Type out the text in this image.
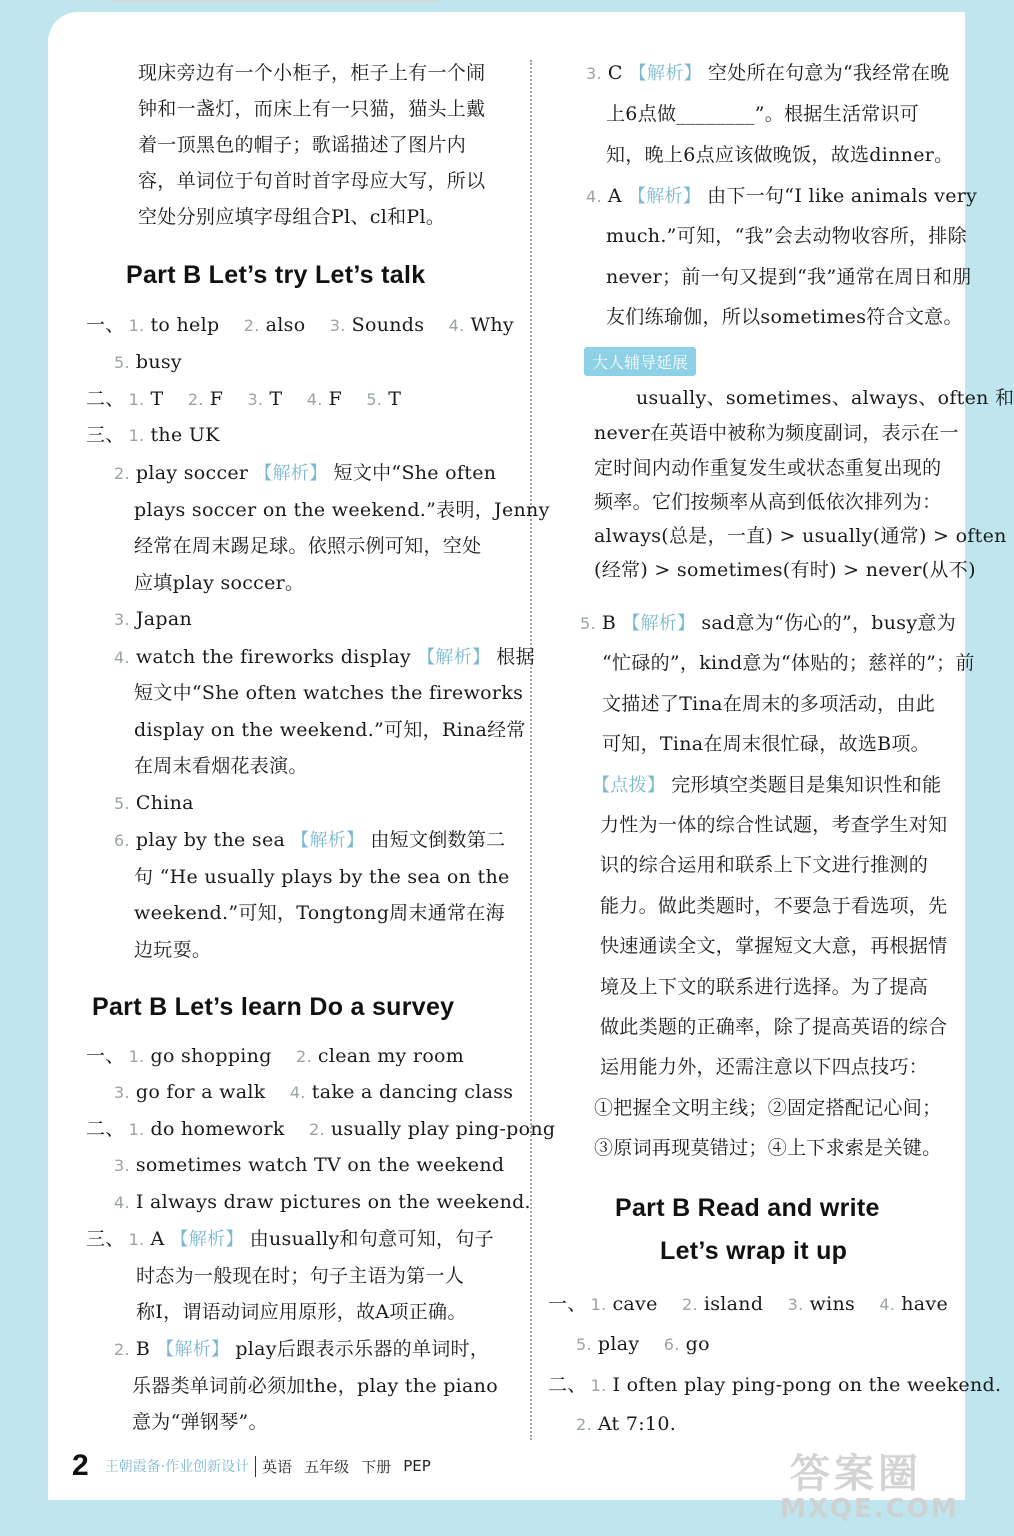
现床旁边有一个小柜子，柜子上有一个闹
钟和一盏灯，而床上有一只猫，猫头上戴
着一顶黑色的帽子；歌谣描述了图片内
容，单词位于句首时首字母应大写，所以
空处分别应填字母组合Pl、cl和Pl。
Part B Let’s try Let’s talk
一、 1. to help 2. also 3. Sounds 4. Why
5. busy
二、 1. T 2. F 3. T 4. F 5. T
三、 1. the UK
2. play soccer 【解析】 短文中“She often
plays soccer on the weekend.”表明，Jenny
经常在周末踢足球。依照示例可知，空处
应填play soccer。
3. Japan
4. watch the fireworks display 【解析】 根据
短文中“She often watches the fireworks
display on the weekend.”可知，Rina经常
在周末看烟花表演。
5. China
6. play by the sea 【解析】 由短文倒数第二
句 “He usually plays by the sea on the
weekend.”可知，Tongtong周末通常在海
边玩耍。
Part B Let’s learn Do a survey
一、 1. go shopping 2. clean my room
3. go for a walk 4. take a dancing class
二、 1. do homework 2. usually play ping-pong
3. sometimes watch TV on the weekend
4. I always draw pictures on the weekend.
三、 1. A 【解析】 由usually和句意可知，句子
时态为一般现在时；句子主语为第一人
称I，谓语动词应用原形，故A项正确。
2. B 【解析】 play后跟表示乐器的单词时，
乐器类单词前必须加the，play the piano
意为“弹钢琴”。
3. C 【解析】 空处所在句意为“我经常在晚
上6点做________”。根据生活常识可
知，晚上6点应该做晚饭，故选dinner。
4. A 【解析】 由下一句“I like animals very
much.”可知，“我”会去动物收容所，排除
never；前一句又提到“我”通常在周日和朋
友们练瑜伽，所以sometimes符合文意。
大人辅导延展
usually、sometimes、always、often 和
never在英语中被称为频度副词，表示在一
定时间内动作重复发生或状态重复出现的
频率。它们按频率从高到低依次排列为：
always(总是，一直) > usually(通常) > often
(经常) > sometimes(有时) > never(从不)
5. B 【解析】 sad意为“伤心的”，busy意为
“忙碌的”，kind意为“体贴的；慈祥的”；前
文描述了Tina在周末的多项活动，由此
可知，Tina在周末很忙碌，故选B项。
【点拨】 完形填空类题目是集知识性和能
力性为一体的综合性试题，考查学生对知
识的综合运用和联系上下文进行推测的
能力。做此类题时，不要急于看选项，先
快速通读全文，掌握短文大意，再根据情
境及上下文的联系进行选择。为了提高
做此类题的正确率，除了提高英语的综合
运用能力外，还需注意以下四点技巧：
①把握全文明主线；②固定搭配记心间；
③原词再现莫错过；④上下求索是关键。
Part B Read and write
Let’s wrap it up
一、 1. cave 2. island 3. wins 4. have
5. play 6. go
二、 1. I often play ping-pong on the weekend.
2. At 7:10.
2 王朝霞备·作业创新设计 英语 五年级 下册 PEP	答案圈
MXQE.COM
